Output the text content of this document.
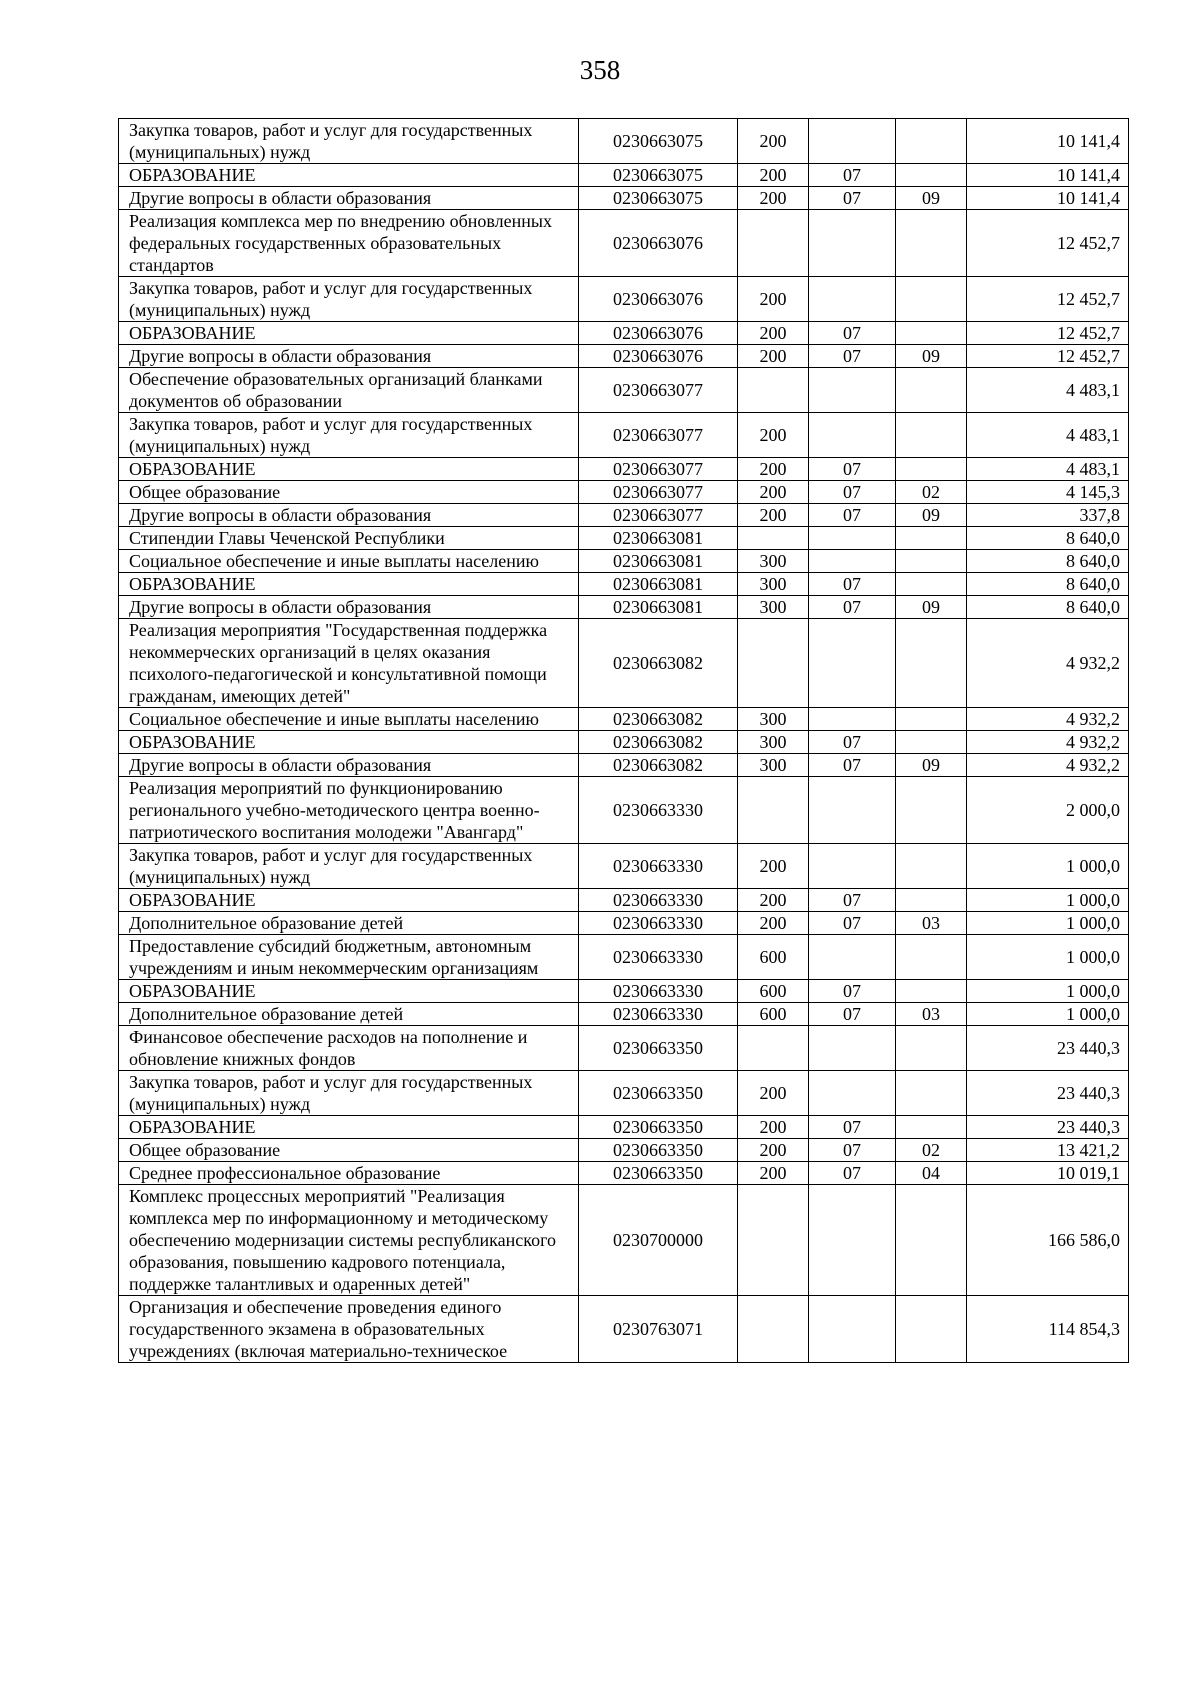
358
Закупка товаров, работ и услуг для государственных (муниципальных) нужд	0230663075	200			10 141,4
ОБРАЗОВАНИЕ	0230663075	200	07		10 141,4
Другие вопросы в области образования	0230663075	200	07	09	10 141,4
Реализация комплекса мер по внедрению обновленных федеральных государственных образовательных стандартов	0230663076				12 452,7
Закупка товаров, работ и услуг для государственных (муниципальных) нужд	0230663076	200			12 452,7
ОБРАЗОВАНИЕ	0230663076	200	07		12 452,7
Другие вопросы в области образования	0230663076	200	07	09	12 452,7
Обеспечение образовательных организаций бланками документов об образовании	0230663077				4 483,1
Закупка товаров, работ и услуг для государственных (муниципальных) нужд	0230663077	200			4 483,1
ОБРАЗОВАНИЕ	0230663077	200	07		4 483,1
Общее образование	0230663077	200	07	02	4 145,3
Другие вопросы в области образования	0230663077	200	07	09	337,8
Стипендии Главы Чеченской Республики	0230663081				8 640,0
Социальное обеспечение и иные выплаты населению	0230663081	300			8 640,0
ОБРАЗОВАНИЕ	0230663081	300	07		8 640,0
Другие вопросы в области образования	0230663081	300	07	09	8 640,0
Реализация мероприятия "Государственная поддержка некоммерческих организаций в целях оказания психолого-педагогической и консультативной помощи гражданам, имеющих детей"	0230663082				4 932,2
Социальное обеспечение и иные выплаты населению	0230663082	300			4 932,2
ОБРАЗОВАНИЕ	0230663082	300	07		4 932,2
Другие вопросы в области образования	0230663082	300	07	09	4 932,2
Реализация мероприятий по функционированию регионального учебно-методического центра военно-патриотического воспитания молодежи "Авангард"	0230663330				2 000,0
Закупка товаров, работ и услуг для государственных (муниципальных) нужд	0230663330	200			1 000,0
ОБРАЗОВАНИЕ	0230663330	200	07		1 000,0
Дополнительное образование детей	0230663330	200	07	03	1 000,0
Предоставление субсидий бюджетным, автономным учреждениям и иным некоммерческим организациям	0230663330	600			1 000,0
ОБРАЗОВАНИЕ	0230663330	600	07		1 000,0
Дополнительное образование детей	0230663330	600	07	03	1 000,0
Финансовое обеспечение расходов на пополнение и обновление книжных фондов	0230663350				23 440,3
Закупка товаров, работ и услуг для государственных (муниципальных) нужд	0230663350	200			23 440,3
ОБРАЗОВАНИЕ	0230663350	200	07		23 440,3
Общее образование	0230663350	200	07	02	13 421,2
Среднее профессиональное образование	0230663350	200	07	04	10 019,1
Комплекс процессных мероприятий "Реализация комплекса мер по информационному и методическому обеспечению модернизации системы республиканского образования, повышению кадрового потенциала, поддержке талантливых и одаренных детей"	0230700000				166 586,0
Организация и обеспечение проведения единого государственного экзамена в образовательных учреждениях (включая материально-техническое	0230763071				114 854,3
